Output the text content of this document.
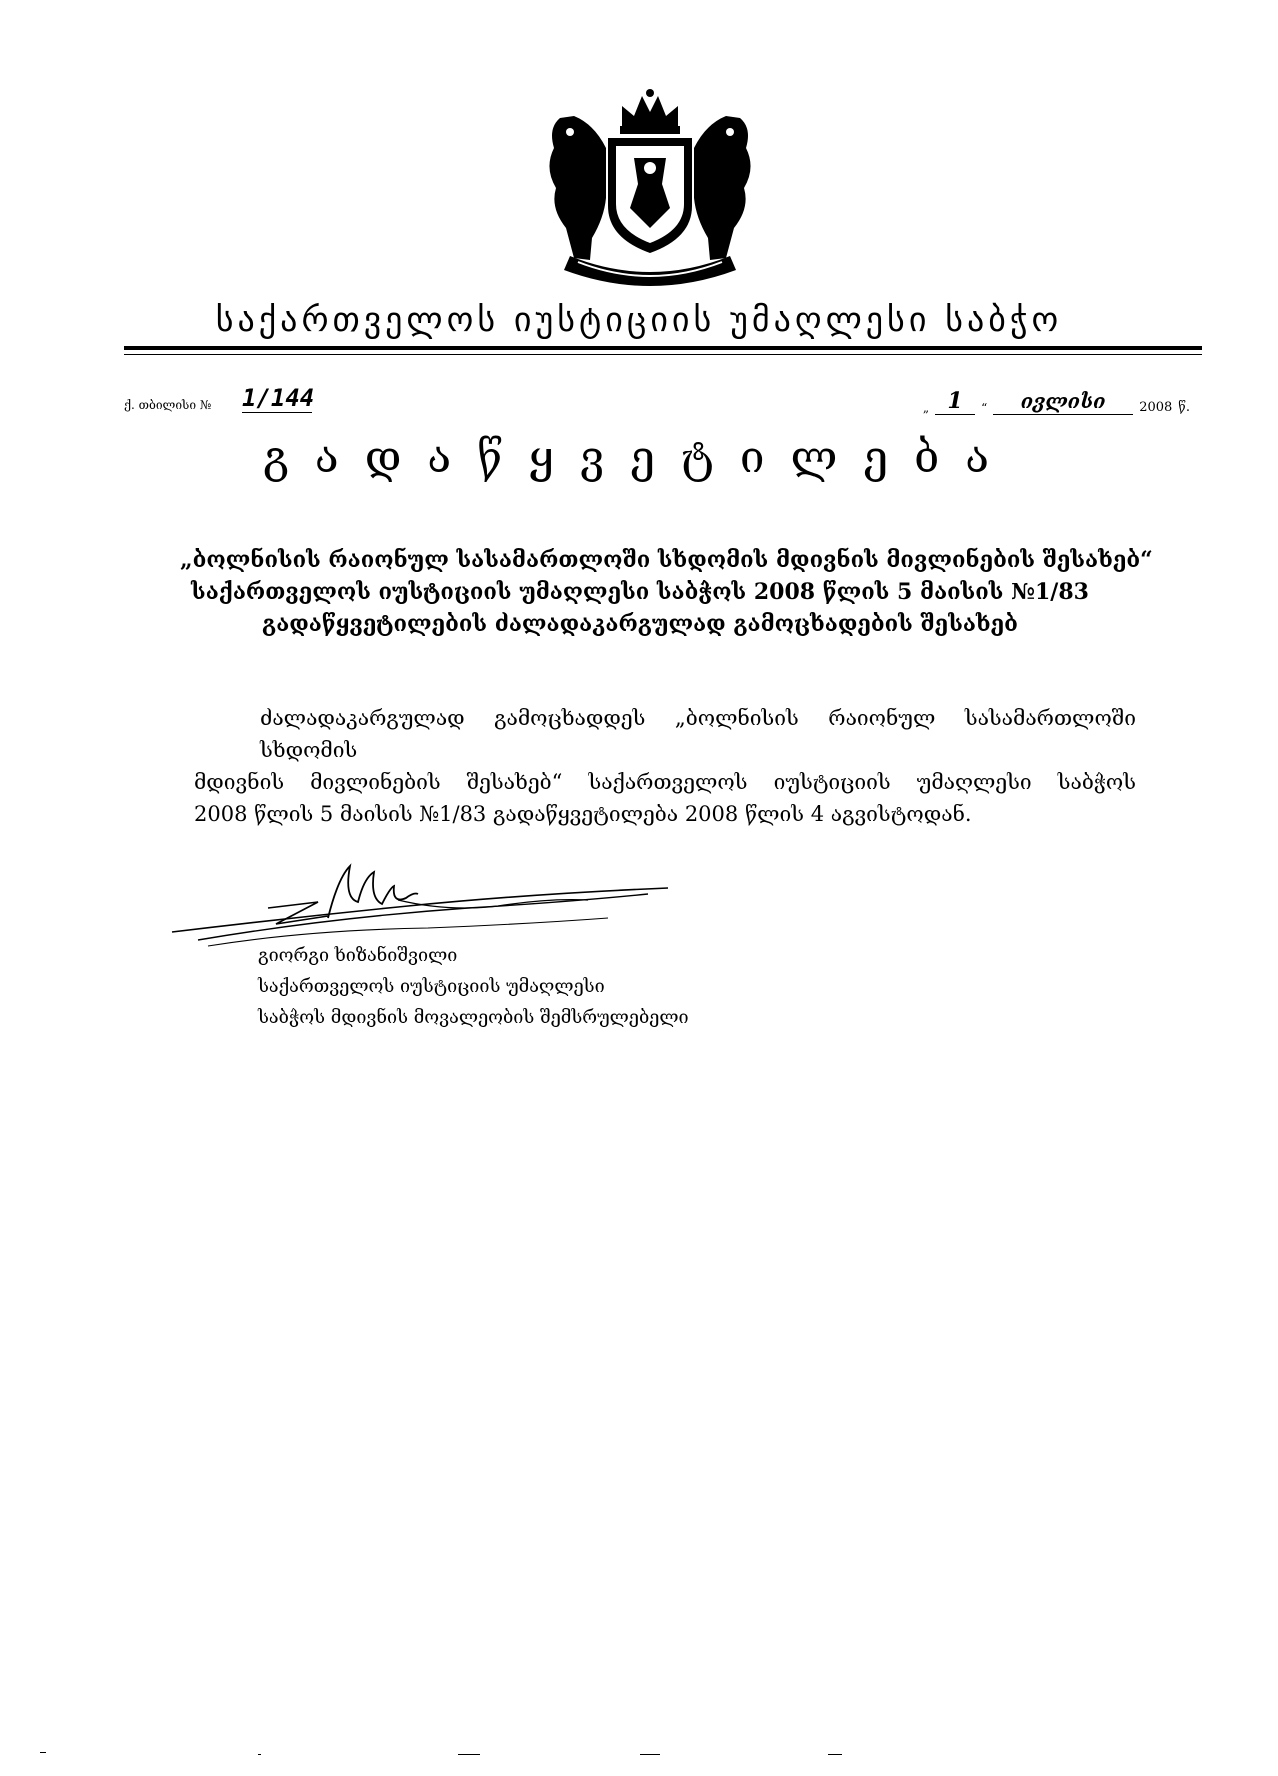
საქართველოს იუსტიციის უმაღლესი საბჭო
ქ. თბილისი № 1/144	„ 1	“	ივლისი	2008 წ.
გადაწყვეტილება
„ბოლნისის რაიონულ სასამართლოში სხდომის მდივნის მივლინების შესახებ“
საქართველოს იუსტიციის უმაღლესი საბჭოს 2008 წლის 5 მაისის №1/83
გადაწყვეტილების ძალადაკარგულად გამოცხადების შესახებ
ძალადაკარგულად გამოცხადდეს „ბოლნისის რაიონულ სასამართლოში სხდომის
მდივნის მივლინების შესახებ“ საქართველოს იუსტიციის უმაღლესი საბჭოს
2008 წლის 5 მაისის №1/83 გადაწყვეტილება 2008 წლის 4 აგვისტოდან.
გიორგი ხიზანიშვილი
საქართველოს იუსტიციის უმაღლესი
საბჭოს მდივნის მოვალეობის შემსრულებელი
